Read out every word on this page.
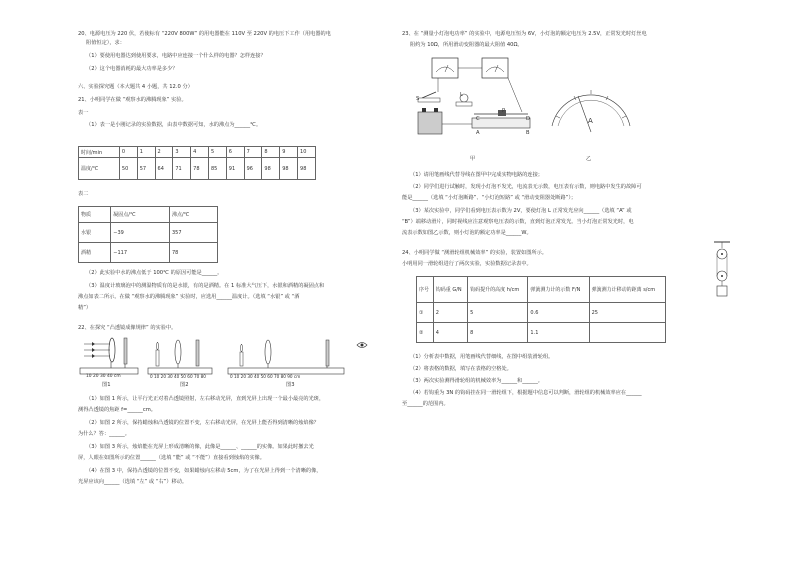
20、电源电压为 220 伏，若使标有 “220V 800W” 的用电器能在 110V 至 220V 的电压下工作（用电器的电
阻值恒定），求：
（1）要使用电器达到使用要求，电路中应连接一个什么样的电器？怎样连接？
（2）这个电器消耗的最大功率是多少？
六、实验探究题（本大题共 4 小题，共 12.0 分）
21、小明同学在做 “观察水的沸腾现象” 实验。
表一
（1）表一是小刚记录的实验数据，由表中数据可知，水的沸点为______℃。
时间/min	0	1	2	3	4	5	6	7	8	9	10
温度/℃	50	57	64	71	78	85	91	96	98	98	98
表二
物质	凝固点/℃	沸点/℃
水银	−39	357
酒精	−117	78
（2）此实验中水的沸点低于 100℃ 的原因可能是______。
（3）温度计玻璃泡中的测温物质有的是水银，有的是酒精。在 1 标准大气压下，水银和酒精的凝固点和
沸点如表二所示。在做 “观察水的沸腾现象” 实验时，应选用______温度计。（选填 “水银” 或 “酒
精”）
22、在探究 “凸透镜成像规律” 的实验中。
10 20 30 40 cm	0 10 20 30 40 50 60 70 80	0 10 20 30 40 50 60 70 80 90 cm
图1	图2	图3
（1）如图 1 所示，让平行光正对着凸透镜照射，左右移动光屏，直到光屏上出现一个最小最亮的光斑，
测得凸透镜的焦距 f=______cm。
（2）如图 2 所示，保持蜡烛和凸透镜的位置不变，左右移动光屏，在光屏上能否得到清晰的烛焰像？
为什么？答：______。
（3）如图 3 所示，烛焰能在光屏上形成清晰的像，此像是______、______的实像。如果此时撤去光
屏，人眼在如图所示的位置______（选填 “能” 或 “不能”）直接看到烛焰的实像。
（4）在图 3 中，保持凸透镜的位置不变，如果蜡烛向左移动 5cm，为了在光屏上得到一个清晰的像，
光屏应该向______（选填 “左” 或 “右”）移动。
23、在 “测量小灯泡电功率” 的实验中，电源电压恒为 6V，小灯泡的额定电压为 2.5V，正常发光时灯丝电
阻约为 10Ω，所用滑动变阻器的最大阻值 40Ω。
S
L
C	D
A	B
P
甲
A
乙
（1）请用笔画线代替导线在图甲中完成实物电路的连接；
（2）同学们进行试触时，发现小灯泡不发光，电流表无示数，电压表有示数，则电路中发生的故障可
能是______（选填 “小灯泡断路”、“小灯泡短路” 或 “滑动变阻器处断路”）；
（3）某次实验中，同学们看到电压表示数为 2V，要使灯泡 L 正常发光应向______（选填 “A” 或
“B”）端移动滑片，同时视线应注意观察电压表的示数，直到灯泡正常发光。当小灯泡正常发光时，电
流表示数如图乙示数，则小灯泡的额定功率是______W。
24、小明同学做 “测滑轮组机械效率” 的实验，装置如图所示。
小明用同一滑轮组进行了两次实验，实验数据记录表中。
序号	钩码重 G/N	钩码提升的高度 h/cm	弹簧测力计的示数 F/N	弹簧测力计移动的距离 s/cm
①	2	5	0.6	25
②	4	8	1.1	
（1）分析表中数据，用笔画线代替细线，在图中组装滑轮组。
（2）将表格的数据，填写在表格的空格处。
（3）两次实验测得滑轮组的机械效率为______和______。
（4）若钩重为 3N 的钩码挂在同一滑轮组下，根据题中信息可以判断，滑轮组的机械效率应在______
至______的范围内。
